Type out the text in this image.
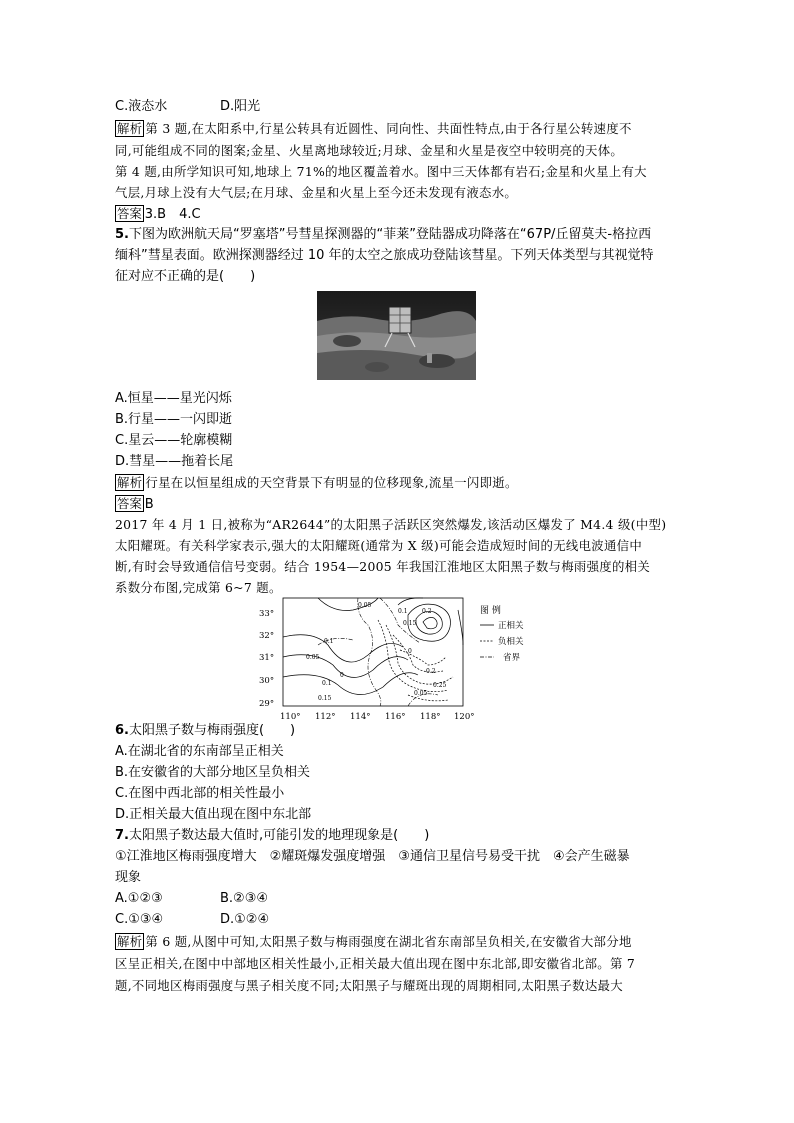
C.液态水	D.阳光
解析 第 3 题,在太阳系中,行星公转具有近圆性、同向性、共面性特点,由于各行星公转速度不
同,可能组成不同的图案;金星、火星离地球较近;月球、金星和火星是夜空中较明亮的天体。
第 4 题,由所学知识可知,地球上 71%的地区覆盖着水。图中三天体都有岩石;金星和火星上有大
气层,月球上没有大气层;在月球、金星和火星上至今还未发现有液态水。
答案 3.B　4.C
5.下图为欧洲航天局“罗塞塔”号彗星探测器的“菲莱”登陆器成功降落在“67P/丘留莫夫-格拉西
缅科”彗星表面。欧洲探测器经过 10 年的太空之旅成功登陆该彗星。下列天体类型与其视觉特
征对应不正确的是(　　)
A.恒星——星光闪烁
B.行星——一闪即逝
C.星云——轮廓模糊
D.彗星——拖着长尾
解析 行星在以恒星组成的天空背景下有明显的位移现象,流星一闪即逝。
答案 B
2017 年 4 月 1 日,被称为“AR2644”的太阳黑子活跃区突然爆发,该活动区爆发了 M4.4 级(中型)
太阳耀斑。有关科学家表示,强大的太阳耀斑(通常为 X 级)可能会造成短时间的无线电波通信中
断,有时会导致通信信号变弱。结合 1954—2005 年我国江淮地区太阳黑子数与梅雨强度的相关
系数分布图,完成第 6~7 题。
33°
32°
31°
30°
29°
110° 112° 114° 116° 118° 120°
0.1
0.05
0
0.1
0.15
0.05
0.1 0.2
0.15
0.2
0.25
0
0.05
图 例
正相关
负相关
省界
6.太阳黑子数与梅雨强度(　　)
A.在湖北省的东南部呈正相关
B.在安徽省的大部分地区呈负相关
C.在图中西北部的相关性最小
D.正相关最大值出现在图中东北部
7.太阳黑子数达最大值时,可能引发的地理现象是(　　)
①江淮地区梅雨强度增大　②耀斑爆发强度增强　③通信卫星信号易受干扰　④会产生磁暴
现象
A.①②③	B.②③④
C.①③④	D.①②④
解析 第 6 题,从图中可知,太阳黑子数与梅雨强度在湖北省东南部呈负相关,在安徽省大部分地
区呈正相关,在图中中部地区相关性最小,正相关最大值出现在图中东北部,即安徽省北部。第 7
题,不同地区梅雨强度与黑子相关度不同;太阳黑子与耀斑出现的周期相同,太阳黑子数达最大
